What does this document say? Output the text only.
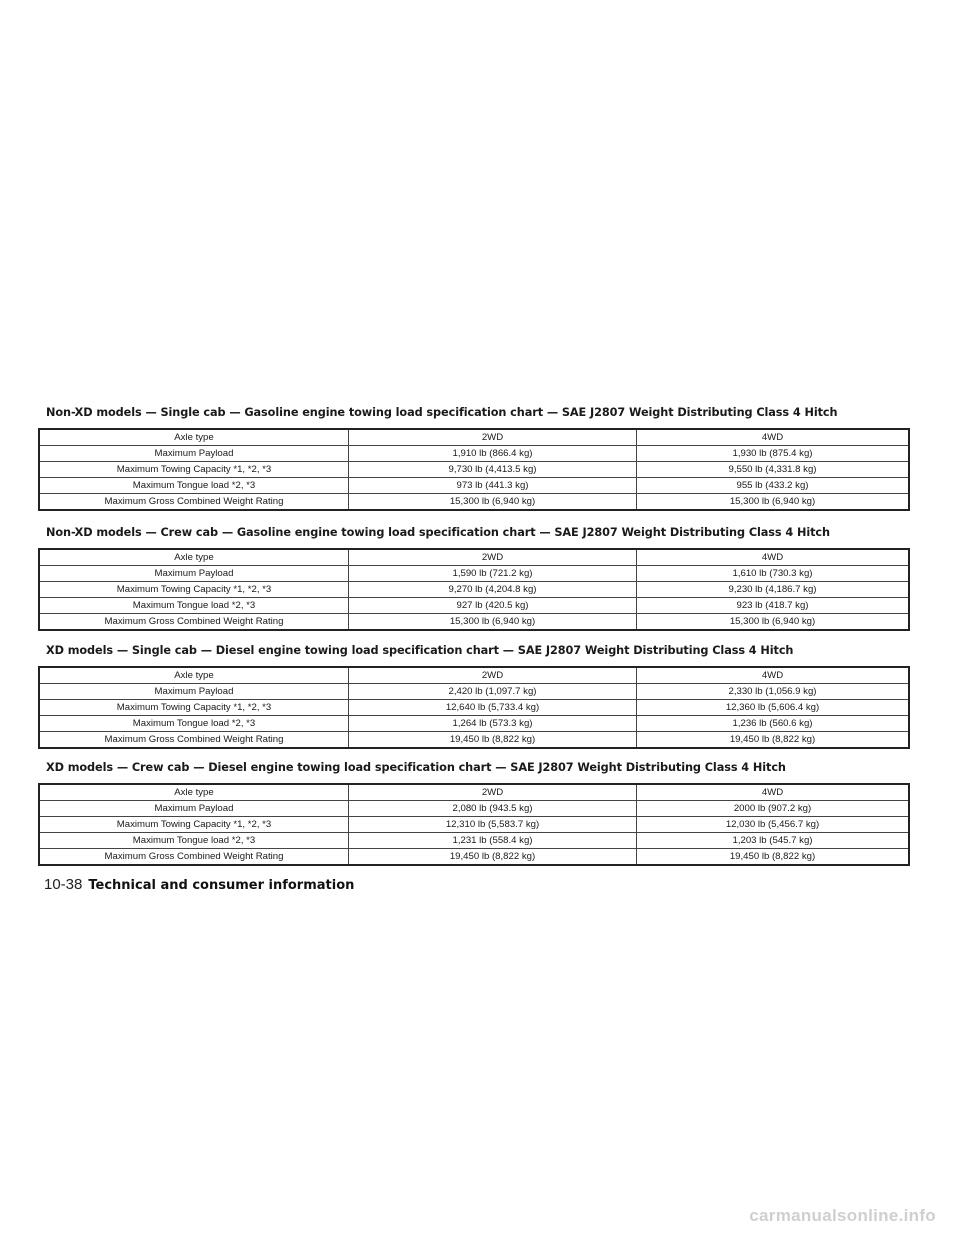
Non-XD models — Single cab — Gasoline engine towing load specification chart — SAE J2807 Weight Distributing Class 4 Hitch
Axle type	2WD	4WD
Maximum Payload	1,910 lb (866.4 kg)	1,930 lb (875.4 kg)
Maximum Towing Capacity *1, *2, *3	9,730 lb (4,413.5 kg)	9,550 lb (4,331.8 kg)
Maximum Tongue load *2, *3	973 lb (441.3 kg)	955 lb (433.2 kg)
Maximum Gross Combined Weight Rating	15,300 lb (6,940 kg)	15,300 lb (6,940 kg)
Non-XD models — Crew cab — Gasoline engine towing load specification chart — SAE J2807 Weight Distributing Class 4 Hitch
Axle type	2WD	4WD
Maximum Payload	1,590 lb (721.2 kg)	1,610 lb (730.3 kg)
Maximum Towing Capacity *1, *2, *3	9,270 lb (4,204.8 kg)	9,230 lb (4,186.7 kg)
Maximum Tongue load *2, *3	927 lb (420.5 kg)	923 lb (418.7 kg)
Maximum Gross Combined Weight Rating	15,300 lb (6,940 kg)	15,300 lb (6,940 kg)
XD models — Single cab — Diesel engine towing load specification chart — SAE J2807 Weight Distributing Class 4 Hitch
Axle type	2WD	4WD
Maximum Payload	2,420 lb (1,097.7 kg)	2,330 lb (1,056.9 kg)
Maximum Towing Capacity *1, *2, *3	12,640 lb (5,733.4 kg)	12,360 lb (5,606.4 kg)
Maximum Tongue load *2, *3	1,264 lb (573.3 kg)	1,236 lb (560.6 kg)
Maximum Gross Combined Weight Rating	19,450 lb (8,822 kg)	19,450 lb (8,822 kg)
XD models — Crew cab — Diesel engine towing load specification chart — SAE J2807 Weight Distributing Class 4 Hitch
Axle type	2WD	4WD
Maximum Payload	2,080 lb (943.5 kg)	2000 lb (907.2 kg)
Maximum Towing Capacity *1, *2, *3	12,310 lb (5,583.7 kg)	12,030 lb (5,456.7 kg)
Maximum Tongue load *2, *3	1,231 lb (558.4 kg)	1,203 lb (545.7 kg)
Maximum Gross Combined Weight Rating	19,450 lb (8,822 kg)	19,450 lb (8,822 kg)
10-38 Technical and consumer information
carmanualsonline.info
